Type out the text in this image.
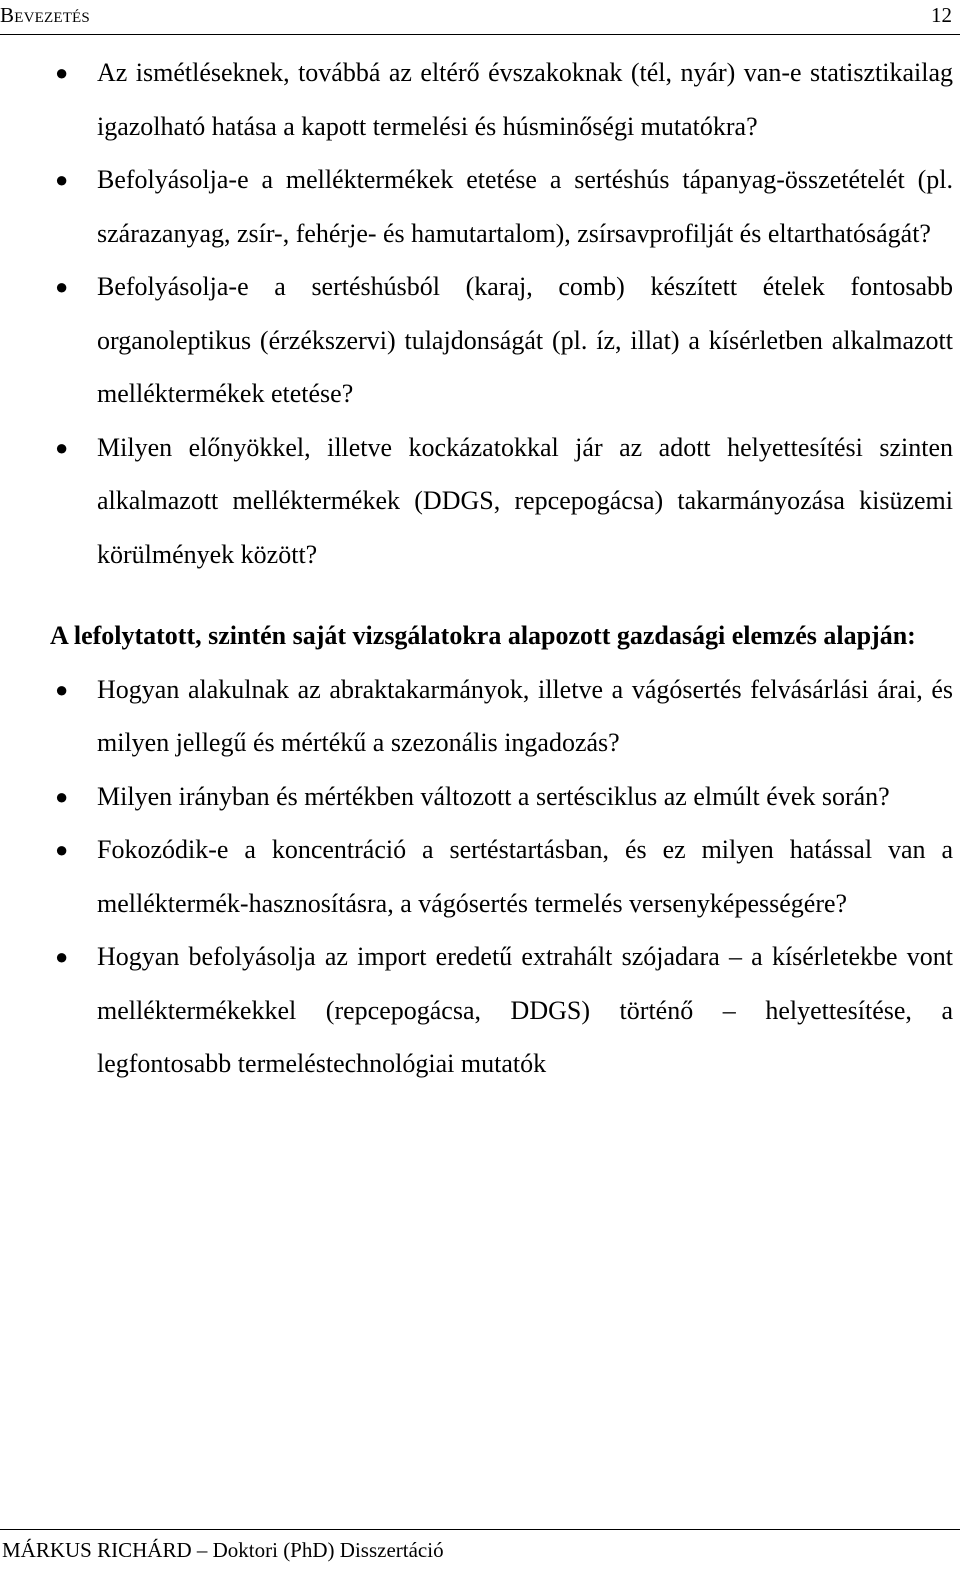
Bevezetés	12
● Az ismétléseknek, továbbá az eltérő évszakoknak (tél, nyár) van-e statisztikailag igazolható hatása a kapott termelési és húsminőségi mutatókra?
● Befolyásolja-e a melléktermékek etetése a sertéshús tápanyag-összetételét (pl. szárazanyag, zsír-, fehérje- és hamutartalom), zsírsavprofilját és eltarthatóságát?
● Befolyásolja-e a sertéshúsból (karaj, comb) készített ételek fontosabb organoleptikus (érzékszervi) tulajdonságát (pl. íz, illat) a kísérletben alkalmazott melléktermékek etetése?
● Milyen előnyökkel, illetve kockázatokkal jár az adott helyettesítési szinten alkalmazott melléktermékek (DDGS, repcepogácsa) takarmányozása kisüzemi körülmények között?

A lefolytatott, szintén saját vizsgálatokra alapozott gazdasági elemzés alapján:

● Hogyan alakulnak az abraktakarmányok, illetve a vágósertés felvásárlási árai, és milyen jellegű és mértékű a szezonális ingadozás?
● Milyen irányban és mértékben változott a sertésciklus az elmúlt évek során?
● Fokozódik-e a koncentráció a sertéstartásban, és ez milyen hatással van a melléktermék-hasznosításra, a vágósertés termelés versenyképességére?
● Hogyan befolyásolja az import eredetű extrahált szójadara – a kísérletekbe vont melléktermékekkel (repcepogácsa, DDGS) történő – helyettesítése, a legfontosabb termeléstechnológiai mutatók
MÁRKUS RICHÁRD – Doktori (PhD) Disszertáció
